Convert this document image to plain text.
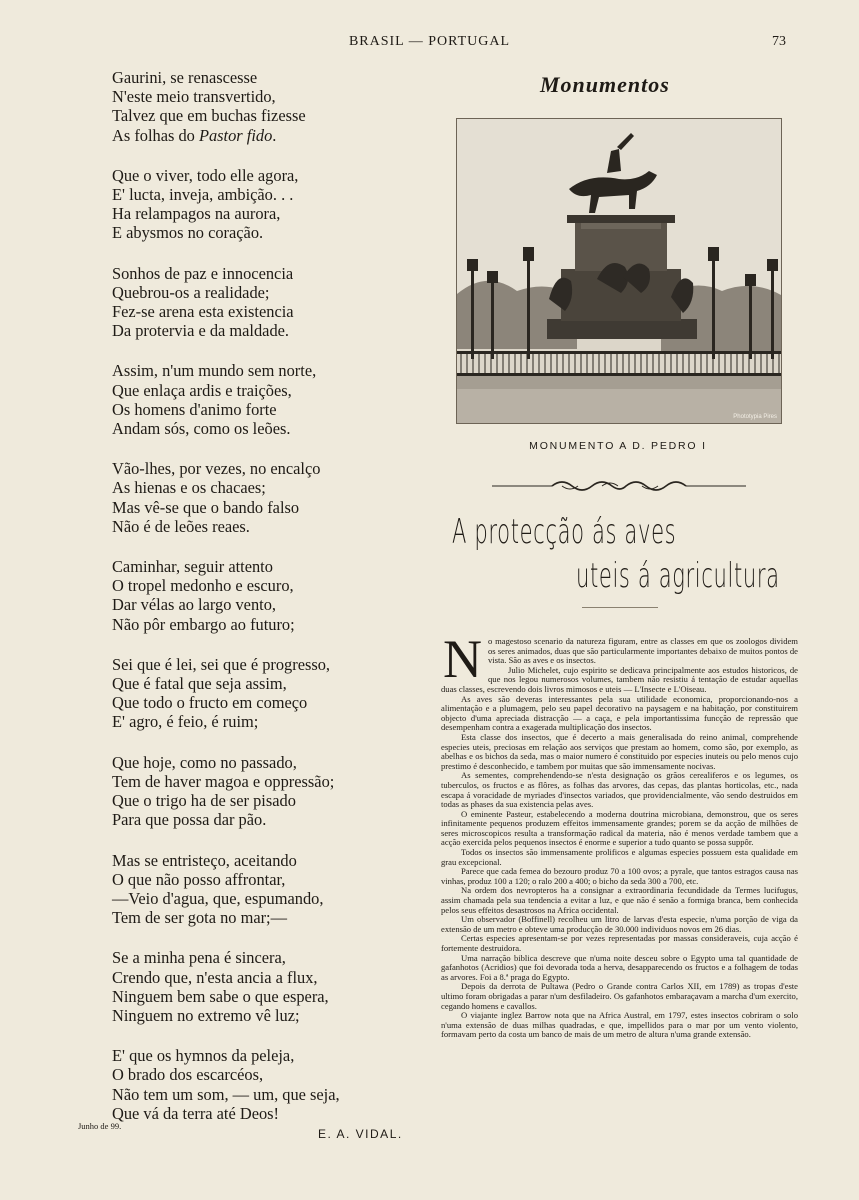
BRASIL — PORTUGAL	73
Gaurini, se renascesse
N'este meio transvertido,
Talvez que em buchas fizesse
As folhas do Pastor fido.
Que o viver, todo elle agora,
E' lucta, inveja, ambição. . .
Ha relampagos na aurora,
E abysmos no coração.
Sonhos de paz e innocencia
Quebrou-os a realidade;
Fez-se arena esta existencia
Da protervia e da maldade.
Assim, n'um mundo sem norte,
Que enlaça ardis e traições,
Os homens d'animo forte
Andam sós, como os leões.
Vão-lhes, por vezes, no encalço
As hienas e os chacaes;
Mas vê-se que o bando falso
Não é de leões reaes.
Caminhar, seguir attento
O tropel medonho e escuro,
Dar vélas ao largo vento,
Não pôr embargo ao futuro;
Sei que é lei, sei que é progresso,
Que é fatal que seja assim,
Que todo o fructo em começo
E' agro, é feio, é ruim;
Que hoje, como no passado,
Tem de haver magoa e oppressão;
Que o trigo ha de ser pisado
Para que possa dar pão.
Mas se entristeço, aceitando
O que não posso affrontar,
—Veio d'agua, que, espumando,
Tem de ser gota no mar;—
Se a minha pena é sincera,
Crendo que, n'esta ancia a flux,
Ninguem bem sabe o que espera,
Ninguem no extremo vê luz;
E' que os hymnos da peleja,
O brado dos escarcéos,
Não tem um som, — um, que seja,
Que vá da terra até Deos!
Junho de 99.
E. A. VIDAL.
Monumentos
Phototypia Pires
MONUMENTO A D. PEDRO I
A protecção ás aves
uteis á agricultura

No magestoso scenario da natureza figuram, entre as classes em que os zoologos dividem os seres animados, duas que são particularmente importantes debaixo de muitos pontos de vista. São as aves e os insectos.

Julio Michelet, cujo espirito se dedicava principalmente aos estudos historicos, de que nos legou numerosos volumes, tambem não resistiu á tentação de estudar aquellas duas classes, escrevendo dois livros mimosos e uteis — L'Insecte e L'Oiseau.

As aves são deveras interessantes pela sua utilidade economica, proporcionando-nos a alimentação e a plumagem, pelo seu papel decorativo na paysagem e na habitação, por constituirem objecto d'uma apreciada distracção — a caça, e pela importantissima funcção de repressão que desempenham contra a exagerada multiplicação dos insectos.

Esta classe dos insectos, que é decerto a mais generalisada do reino animal, comprehende especies uteis, preciosas em relação aos serviços que prestam ao homem, como são, por exemplo, as abelhas e os bichos da seda, mas o maior numero é constituido por especies inuteis ou pelo menos cujo prestimo é desconhecido, e tambem por muitas que são immensamente nocivas.

As sementes, comprehendendo-se n'esta designação os grãos cerealiferos e os legumes, os tuberculos, os fructos e as flôres, as folhas das arvores, das cepas, das plantas horticolas, etc., nada escapa á voracidade de myriades d'insectos variados, que providencialmente, vão sendo destruidos em todas as phases da sua existencia pelas aves.

O eminente Pasteur, estabelecendo a moderna doutrina microbiana, demonstrou, que os seres infinitamente pequenos produzem effeitos immensamente grandes; porem se da acção de milhões de seres microscopicos resulta a transformação radical da materia, não é menos verdade tambem que a acção exercida pelos pequenos insectos é enorme e superior a tudo quanto se possa suppôr.

Todos os insectos são immensamente prolificos e algumas especies possuem esta qualidade em grau excepcional.

Parece que cada femea do bezouro produz 70 a 100 ovos; a pyrale, que tantos estragos causa nas vinhas, produz 100 a 120; o ralo 200 a 400; o bicho da seda 300 a 700, etc.

Na ordem dos nevropteros ha a consignar a extraordinaria fecundidade da Termes lucifugus, assim chamada pela sua tendencia a evitar a luz, e que não é senão a formiga branca, bem conhecida pelos seus effeitos desastrosos na Africa occidental.

Um observador (Boffinell) recolheu um litro de larvas d'esta especie, n'uma porção de viga da extensão de um metro e obteve uma producção de 30.000 individuos novos em 26 dias.

Certas especies apresentam-se por vezes representadas por massas consideraveis, cuja acção é fortemente destruidora.

Uma narração biblica descreve que n'uma noite desceu sobre o Egypto uma tal quantidade de gafanhotos (Acridios) que foi devorada toda a herva, desapparecendo os fructos e a folhagem de todas as arvores. Foi a 8.ª praga do Egypto.

Depois da derrota de Pultawa (Pedro o Grande contra Carlos XII, em 1789) as tropas d'este ultimo foram obrigadas a parar n'um desfiladeiro. Os gafanhotos embaraçavam a marcha d'um exercito, cegando homens e cavallos.

O viajante inglez Barrow nota que na Africa Austral, em 1797, estes insectos cobriram o solo n'uma extensão de duas milhas quadradas, e que, impellidos para o mar por um vento violento, formavam perto da costa um banco de mais de um metro de altura n'uma grande extensão.
